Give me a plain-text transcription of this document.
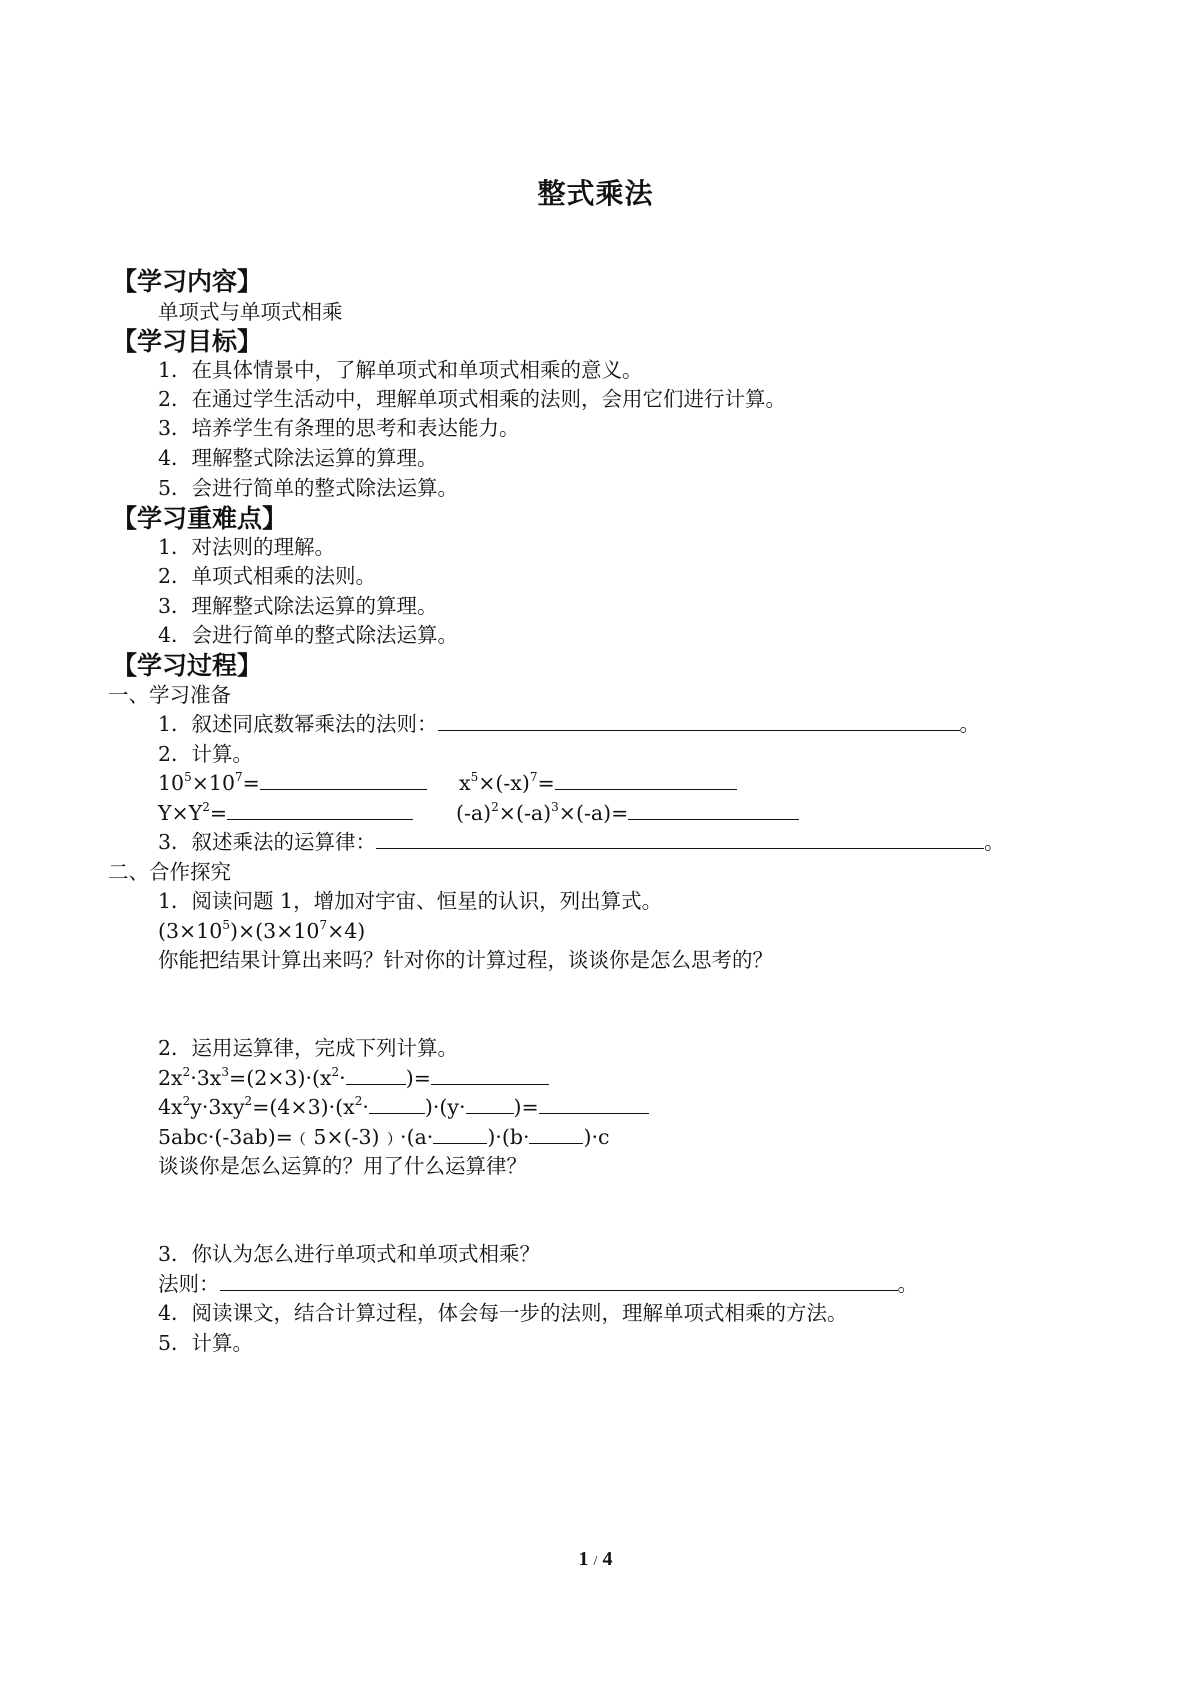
整式乘法
【学习内容】
单项式与单项式相乘
【学习目标】
1．在具体情景中，了解单项式和单项式相乘的意义。
2．在通过学生活动中，理解单项式相乘的法则，会用它们进行计算。
3．培养学生有条理的思考和表达能力。
4．理解整式除法运算的算理。
5．会进行简单的整式除法运算。
【学习重难点】
1．对法则的理解。
2．单项式相乘的法则。
3．理解整式除法运算的算理。
4．会进行简单的整式除法运算。
【学习过程】
一、学习准备
1．叙述同底数幂乘法的法则：	。
2．计算。
$10^5\times 10^7=$	$x^5\times(-x)^7=$
$Y\times Y^2=$	$(-a)^2\times(-a)^3\times(-a)=$
3．叙述乘法的运算律：	。
二、合作探究
1．阅读问题 1，增加对宇宙、恒星的认识，列出算式。
$(3\times 10^5)\times(3\times 10^7\times 4)$
你能把结果计算出来吗？针对你的计算过程，谈谈你是怎么思考的？
2．运用运算律，完成下列计算。
$2x^2\cdot 3x^3=(2\times 3)\cdot(x^2\cdot$	)=
$4x^2y\cdot 3xy^2=(4\times 3)\cdot(x^2\cdot$	)·(y· )=
5abc·(-3ab)=﹙5×(-3)﹚·(a·	)·(b·	)·c
谈谈你是怎么运算的？用了什么运算律？
3．你认为怎么进行单项式和单项式相乘？
法则：	。
4．阅读课文，结合计算过程，体会每一步的法则，理解单项式相乘的方法。
5．计算。
1 / 4
